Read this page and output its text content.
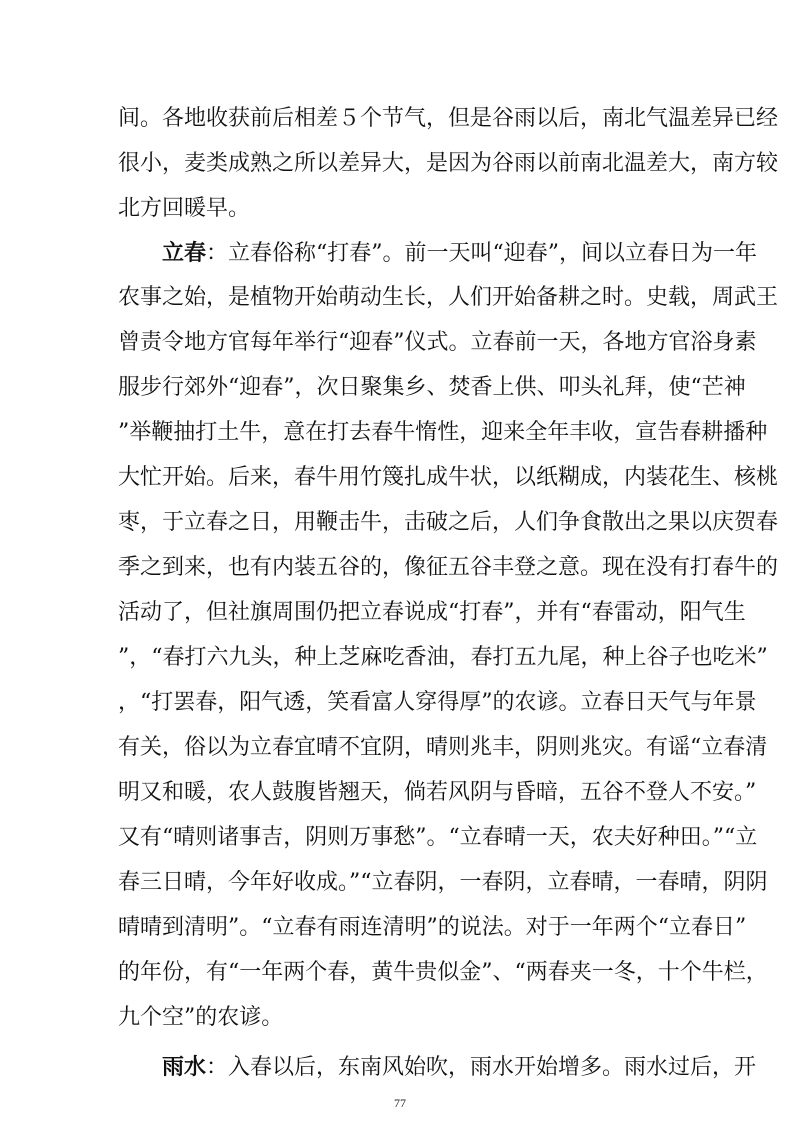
间。各地收获前后相差５个节气，但是谷雨以后，南北气温差异已经
很小，麦类成熟之所以差异大，是因为谷雨以前南北温差大，南方较
北方回暖早。
立春：立春俗称“打春”。前一天叫“迎春”，间以立春日为一年
农事之始，是植物开始萌动生长，人们开始备耕之时。史载，周武王
曾责令地方官每年举行“迎春”仪式。立春前一天，各地方官浴身素
服步行郊外“迎春”，次日聚集乡、焚香上供、叩头礼拜，使“芒神
”举鞭抽打土牛，意在打去春牛惰性，迎来全年丰收，宣告春耕播种
大忙开始。后来，春牛用竹篾扎成牛状，以纸糊成，内装花生、核桃
枣，于立春之日，用鞭击牛，击破之后，人们争食散出之果以庆贺春
季之到来，也有内装五谷的，像征五谷丰登之意。现在没有打春牛的
活动了，但社旗周围仍把立春说成“打春”，并有“春雷动，阳气生
”，“春打六九头，种上芝麻吃香油，春打五九尾，种上谷子也吃米”
，“打罢春，阳气透，笑看富人穿得厚”的农谚。立春日天气与年景
有关，俗以为立春宜晴不宜阴，晴则兆丰，阴则兆灾。有谣“立春清
明又和暖，农人鼓腹皆翘天，倘若风阴与昏暗，五谷不登人不安。”
又有“晴则诸事吉，阴则万事愁”。“立春晴一天，农夫好种田。”“立
春三日晴，今年好收成。”“立春阴，一春阴，立春晴，一春晴，阴阴
晴晴到清明”。“立春有雨连清明”的说法。对于一年两个“立春日”
的年份，有“一年两个春，黄牛贵似金”、“两春夹一冬，十个牛栏，
九个空”的农谚。
雨水：入春以后，东南风始吹，雨水开始增多。雨水过后，开
77
